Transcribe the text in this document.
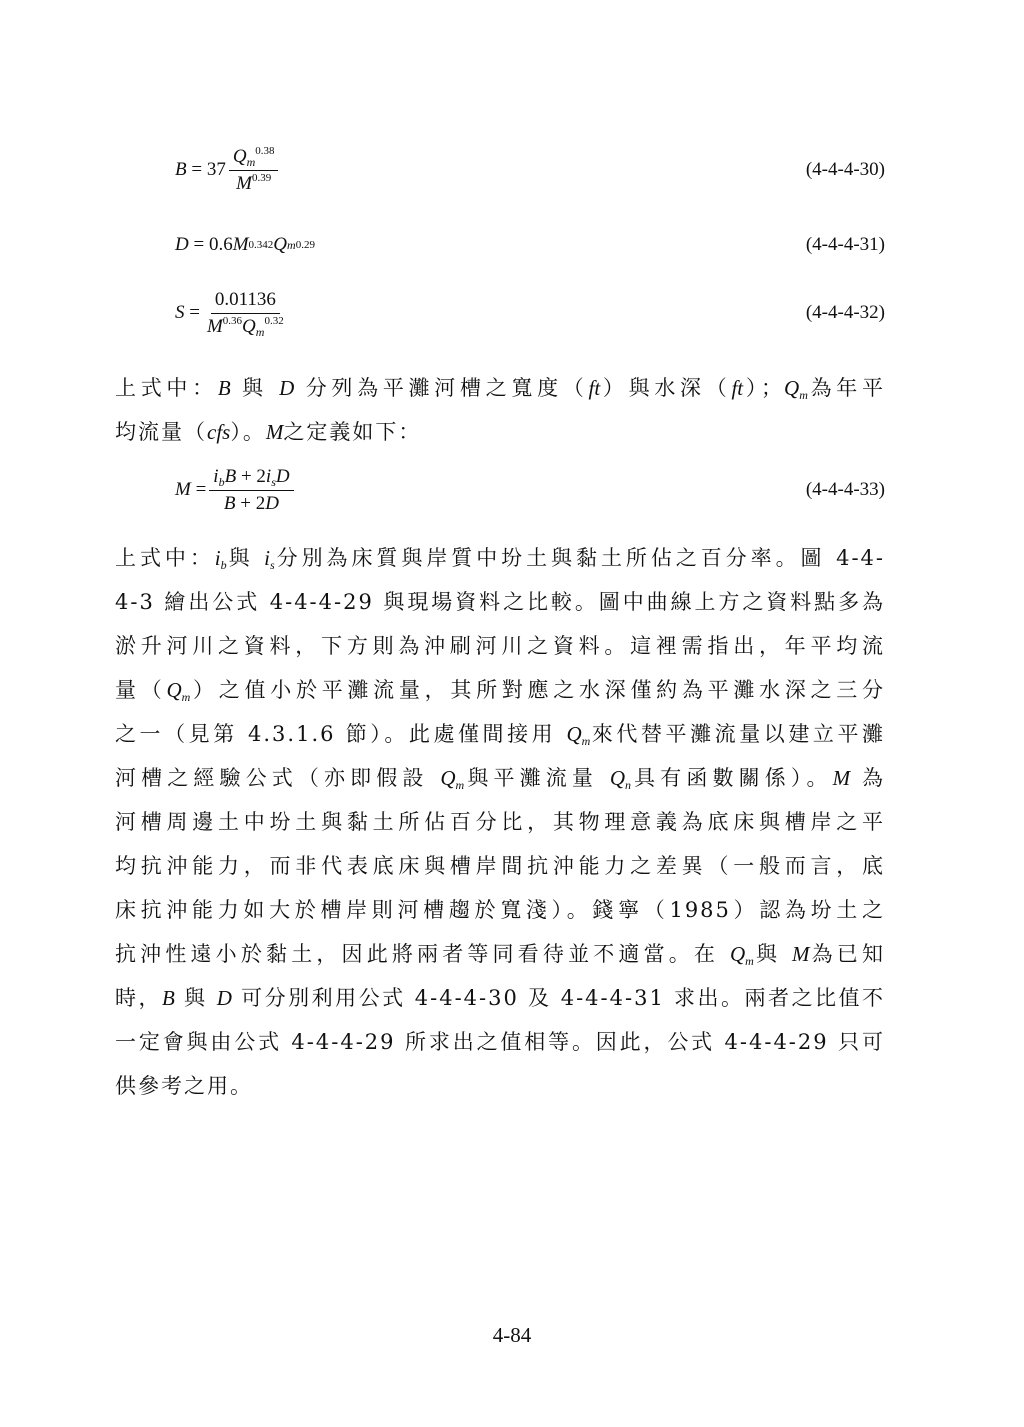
$B = 37 \frac{Q_m^{0.38}}{M^{0.39}}$	(4-4-4-30)
D = 0.6 M 0.342 Q m 0.29	(4-4-4-31)
$S = \frac{0.01136}{M^{0.36}Q_m^{0.32}}$	(4-4-4-32)
上式中：B 與 D 分列為平灘河槽之寬度（ft）與水深（ft）；$Q_m$為年平
均流量（cfs）。M之定義如下：
$M = \frac{i_bB + 2i_sD}{B + 2D}$	(4-4-4-33)
上式中：$i_b$與 $i_s$分別為床質與岸質中坋土與黏土所佔之百分率。圖 4-4-
4-3 繪出公式 4-4-4-29 與現場資料之比較。圖中曲線上方之資料點多為
淤升河川之資料，下方則為沖刷河川之資料。這裡需指出，年平均流
量$(Q_m)$之值小於平灘流量，其所對應之水深僅約為平灘水深之三分
之一（見第 4.3.1.6 節）。此處僅間接用 $Q_m$來代替平灘流量以建立平灘
河槽之經驗公式（亦即假設 $Q_m$與平灘流量 $Q_n$具有函數關係）。M 為
河槽周邊土中坋土與黏土所佔百分比，其物理意義為底床與槽岸之平
均抗沖能力，而非代表底床與槽岸間抗沖能力之差異（一般而言，底
床抗沖能力如大於槽岸則河槽趨於寬淺）。錢寧（1985）認為坋土之
抗沖性遠小於黏土，因此將兩者等同看待並不適當。在 $Q_m$與 M為已知
時，B 與 D 可分別利用公式 4-4-4-30 及 4-4-4-31 求出。兩者之比值不
一定會與由公式 4-4-4-29 所求出之值相等。因此，公式 4-4-4-29 只可
供參考之用。
4-84
